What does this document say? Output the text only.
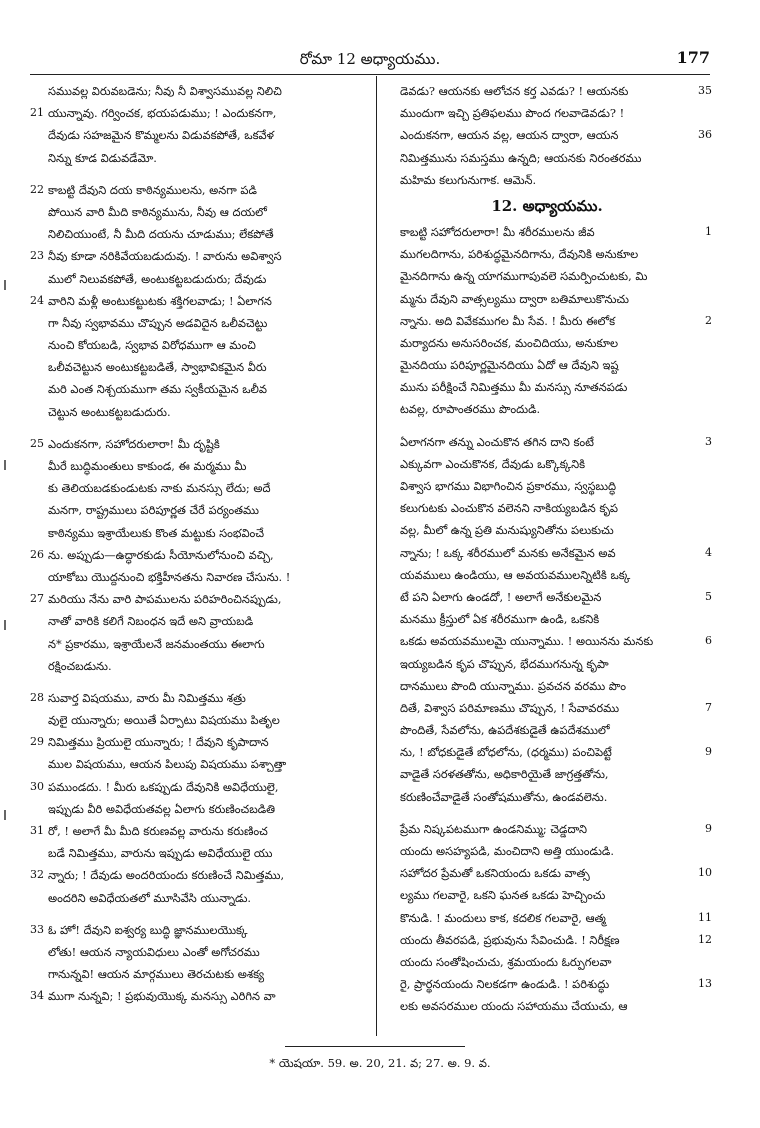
రోమా 12 అధ్యాయము.	177
సమువల్ల విరువబడెను; నీవు నీ విశ్వాసమువల్ల నిలిచి
21 యున్నావు. గర్వించక, భయపడుము; ! ఎందుకనగా,
దేవుడు సహజమైన కొమ్మలను విడువకపోతే, ఒకవేళ
నిన్ను కూడ విడువడేమో.
22 కాబట్టి దేవుని దయ కాఠిన్యములను, అనగా పడి
పోయిన వారి మీది కాఠిన్యమును, నీవు ఆ దయలో
నిలిచియుంటే, నీ మీది దయను చూడుము; లేకపోతే
23 నీవు కూడా నరికివేయబడుదువు. ! వారును అవిశ్వాస
ములో నిలువకపోతే, అంటుకట్టబడుదురు; దేవుడు
24 వారిని మళ్లీ అంటుకట్టుటకు శక్తిగలవాడు; ! ఏలాగన
గా నీవు స్వభావము చొప్పున అడవిదైన ఒలీవచెట్టు
నుంచి కోయబడి, స్వభావ విరోధముగా ఆ మంచి
ఒలీవచెట్టున అంటుకట్టబడితే, స్వాభావికమైన వీరు
మరి ఎంత నిశ్చయముగా తమ స్వకీయమైన ఒలీవ
చెట్టున అంటుకట్టబడుదురు.
25 ఎందుకనగా, సహోదరులారా! మీ దృష్టికి
మీరే బుద్ధిమంతులు కాకుండ, ఈ మర్మము మీ
కు తెలియబడకుండుటకు నాకు మనస్సు లేదు; అదే
మనగా, రాష్ట్రములు పరిపూర్ణత చేరే పర్యంతము
కాఠిన్యము ఇశ్రాయేలుకు కొంత మట్టుకు సంభవించే
26 ను. అప్పుడు—ఉద్ధారకుడు సీయోనులోనుంచి వచ్చి,
యాకోబు యొద్దనుంచి భక్తిహీనతను నివారణ చేసును. !
27 మరియు నేను వారి పాపములను పరిహరించినప్పుడు,
నాతో వారికి కలిగే నిబంధన ఇదే అని వ్రాయబడి
న* ప్రకారము, ఇశ్రాయేలనే జనమంతయు ఈలాగు
రక్షించబడును.
28 సువార్త విషయము, వారు మీ నిమిత్తము శత్రు
వులై యున్నారు; అయితే ఏర్పాటు విషయము పితృల
29 నిమిత్తము ప్రియులై యున్నారు; ! దేవుని కృపాదాన
ముల విషయము, ఆయన పిలుపు విషయము పశ్చాత్తా
30 పముండదు. ! మీరు ఒకప్పుడు దేవునికి అవిధేయులై,
ఇప్పుడు వీరి అవిధేయతవల్ల ఏలాగు కరుణించబడితి
31 రో, ! అలాగే మీ మీది కరుణవల్ల వారును కరుణించ
బడే నిమిత్తము, వారును ఇప్పుడు అవిధేయులై యు
32 న్నారు; ! దేవుడు అందరియందు కరుణించే నిమిత్తము,
అందరిని అవిధేయతలో మూసివేసి యున్నాడు.
33 ఓ హో! దేవుని ఐశ్వర్య బుద్ధి జ్ఞానములయొక్క
లోతు! ఆయన న్యాయవిధులు ఎంతో అగోచరము
గానున్నవి! ఆయన మార్గములు తెరచుటకు అశక్య
34 ముగా నున్నవి; ! ప్రభువుయొక్క మనస్సు ఎరిగిన వా
35
డెవడు? ఆయనకు ఆలోచన కర్త ఎవడు? ! ఆయనకు
ముందుగా ఇచ్చి ప్రతిఫలము పొంద గలవాడెవడు? !
36
ఎందుకనగా, ఆయన వల్ల, ఆయన ద్వారా, ఆయన
నిమిత్తమును సమస్తము ఉన్నది; ఆయనకు నిరంతరము
మహిమ కలుగునుగాక. ఆమెన్.
12. అధ్యాయము.
1
కాబట్టి సహోదరులారా! మీ శరీరములను జీవ
ముగలదిగాను, పరిశుద్ధమైనదిగాను, దేవునికి అనుకూల
మైనదిగాను ఉన్న యాగముగాపువలె సమర్పించుటకు, మి
మ్మను దేవుని వాత్సల్యము ద్వారా బతిమాలుకొనుచు
2
న్నాను. అది వివేకముగల మీ సేవ. ! మీరు ఈలోక
మర్యాదను అనుసరించక, మంచిదియు, అనుకూల
మైనదియు పరిపూర్ణమైనదియు ఏదో ఆ దేవుని ఇష్ట
మును పరీక్షించే నిమిత్తము మీ మనస్సు నూతనపడు
టవల్ల, రూపాంతరము పొందుడి.
3
ఏలాగనగా తన్ను ఎంచుకొన తగిన దాని కంటే
ఎక్కువగా ఎంచుకొనక, దేవుడు ఒక్కొక్కనికి
విశ్వాస భాగము విభాగించిన ప్రకారము, స్వస్థబుద్ధి
కలుగుటకు ఎంచుకొన వలెనని నాకియ్యబడిన కృప
వల్ల, మీలో ఉన్న ప్రతి మనుష్యునితోను పలుకుచు
4
న్నాను; ! ఒక్క శరీరములో మనకు అనేకమైన అవ
యవములు ఉండియు, ఆ అవయవములన్నిటికి ఒక్క
5
టే పని ఏలాగు ఉండదో, ! అలాగే అనేకులమైన
మనము క్రీస్తులో ఏక శరీరముగా ఉండి, ఒకనికి
6
ఒకడు అవయవములమై యున్నాము. ! అయినను మనకు
ఇయ్యబడిన కృప చొప్పున, భేదముగనున్న కృపా
దానములు పొంది యున్నాము. ప్రవచన వరము పొం
7
దితే, విశ్వాస పరిమాణము చొప్పున, ! సేవావరము
పొందితే, సేవలోను, ఉపదేశకుడైతే ఉపదేశములో
9
ను, ! బోధకుడైతే బోధలోను, (ధర్మము) పంచిపెట్టే
వాడైతే సరళతతోను, అధికారియైతే జాగ్రత్తతోను,
కరుణించేవాడైతే సంతోషముతోను, ఉండవలెను.
9
ప్రేమ నిష్కపటముగా ఉండనిమ్ము; చెడ్డదాని
యందు అసహ్యపడి, మంచిదాని అత్తి యుండుడి.
10
సహోదర ప్రేమతో ఒకనియందు ఒకడు వాత్స
ల్యము గలవారై, ఒకని ఘనత ఒకడు హెచ్చించు
11
కొనుడి. ! మందులు కాక, కదలిక గలవారై, ఆత్మ
12
యందు తీవరపడి, ప్రభువును సేవించుడి. ! నిరీక్షణ
యందు సంతోషించుచు, శ్రమయందు ఓర్పుగలవా
13
రై, ప్రార్థనయందు నిలకడగా ఉండుడి. ! పరిశుద్ధు
లకు అవసరముల యందు సహాయము చేయుచు, ఆ
* యెషయా. 59. అ. 20, 21. వ; 27. అ. 9. వ.
